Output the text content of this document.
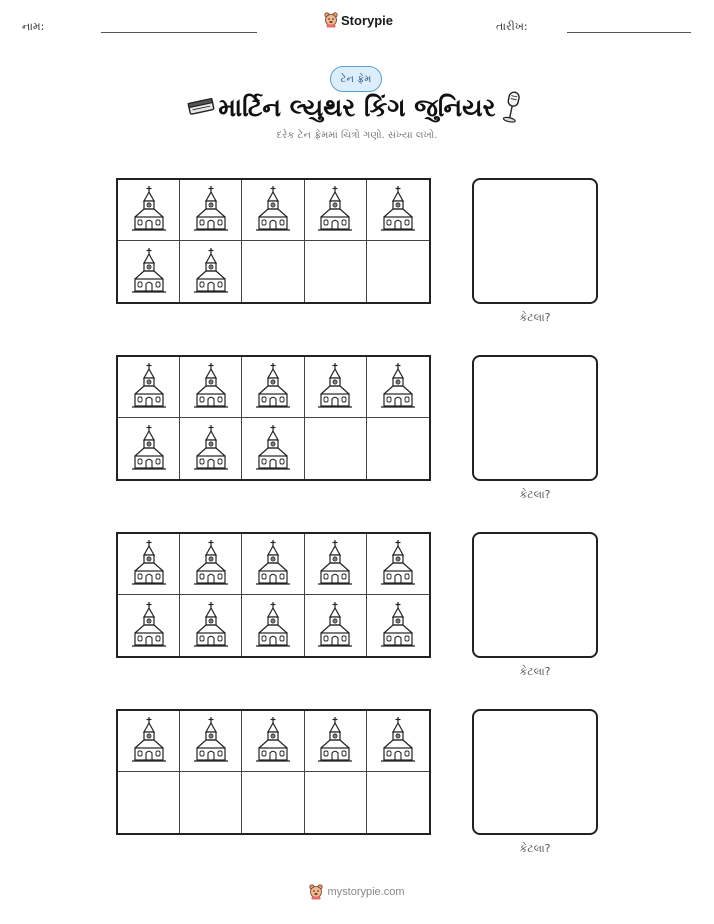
નામ:	Storypie	તારીખ:
ટેન ફ્રેમ
માર્ટિન લ્યુથર કિંગ જુનિયર
દરેક ટેન ફ્રેમમાં ચિત્રો ગણો. સંખ્યા લખો.
કેટલા?
કેટલા?
કેટલા?
કેટલા?
mystorypie.com
